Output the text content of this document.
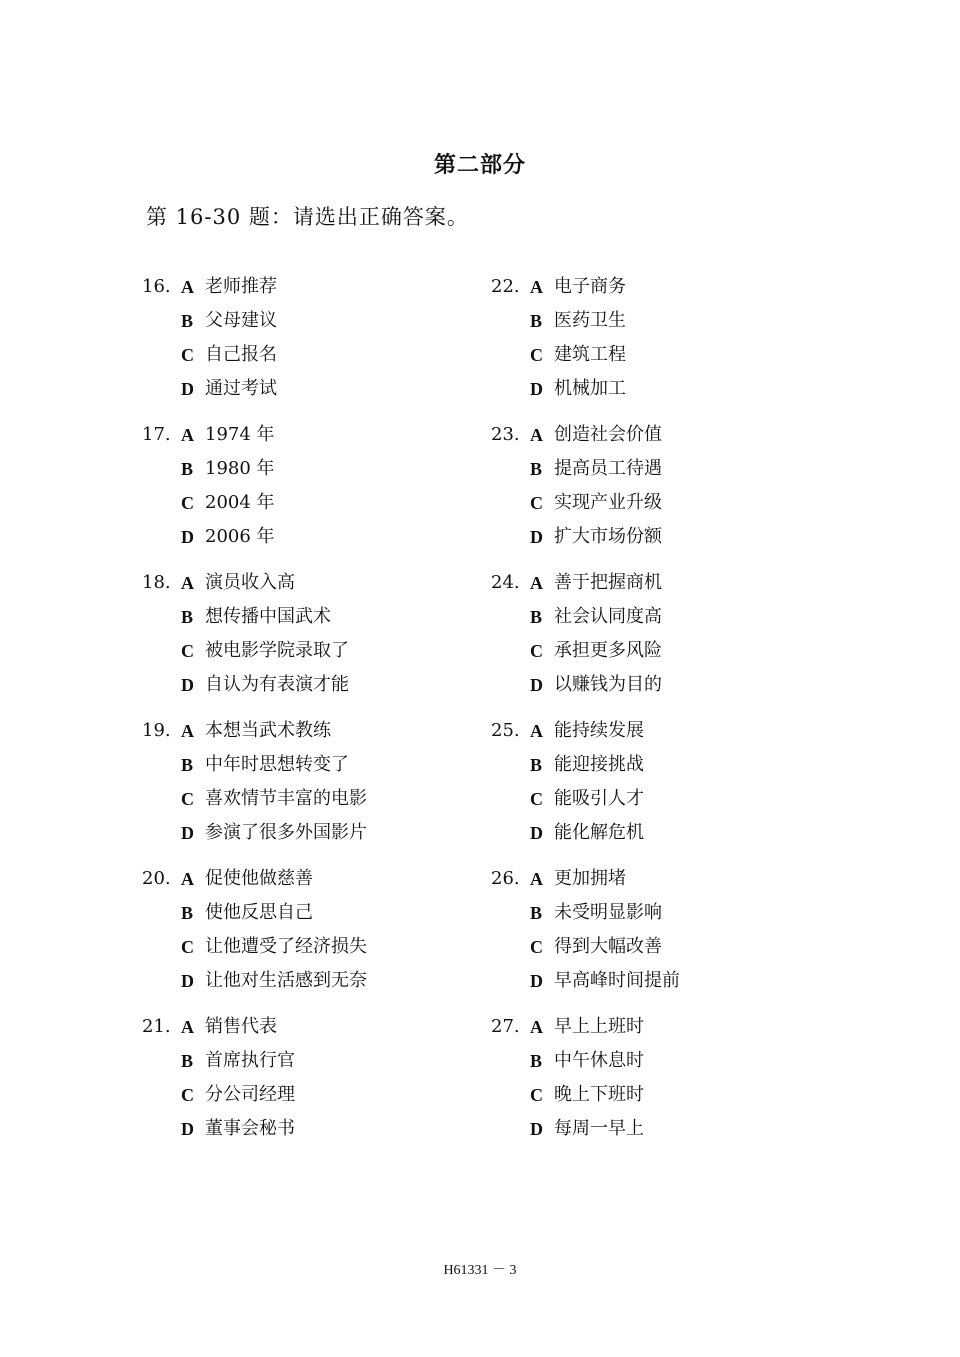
第二部分
第 16-30 题：请选出正确答案。
16. A 老师推荐
B 父母建议
C 自己报名
D 通过考试
17. A 1974 年
B 1980 年
C 2004 年
D 2006 年
18. A 演员收入高
B 想传播中国武术
C 被电影学院录取了
D 自认为有表演才能
19. A 本想当武术教练
B 中年时思想转变了
C 喜欢情节丰富的电影
D 参演了很多外国影片
20. A 促使他做慈善
B 使他反思自己
C 让他遭受了经济损失
D 让他对生活感到无奈
21. A 销售代表
B 首席执行官
C 分公司经理
D 董事会秘书
22. A 电子商务
B 医药卫生
C 建筑工程
D 机械加工
23. A 创造社会价值
B 提高员工待遇
C 实现产业升级
D 扩大市场份额
24. A 善于把握商机
B 社会认同度高
C 承担更多风险
D 以赚钱为目的
25. A 能持续发展
B 能迎接挑战
C 能吸引人才
D 能化解危机
26. A 更加拥堵
B 未受明显影响
C 得到大幅改善
D 早高峰时间提前
27. A 早上上班时
B 中午休息时
C 晚上下班时
D 每周一早上
H61331 － 3
